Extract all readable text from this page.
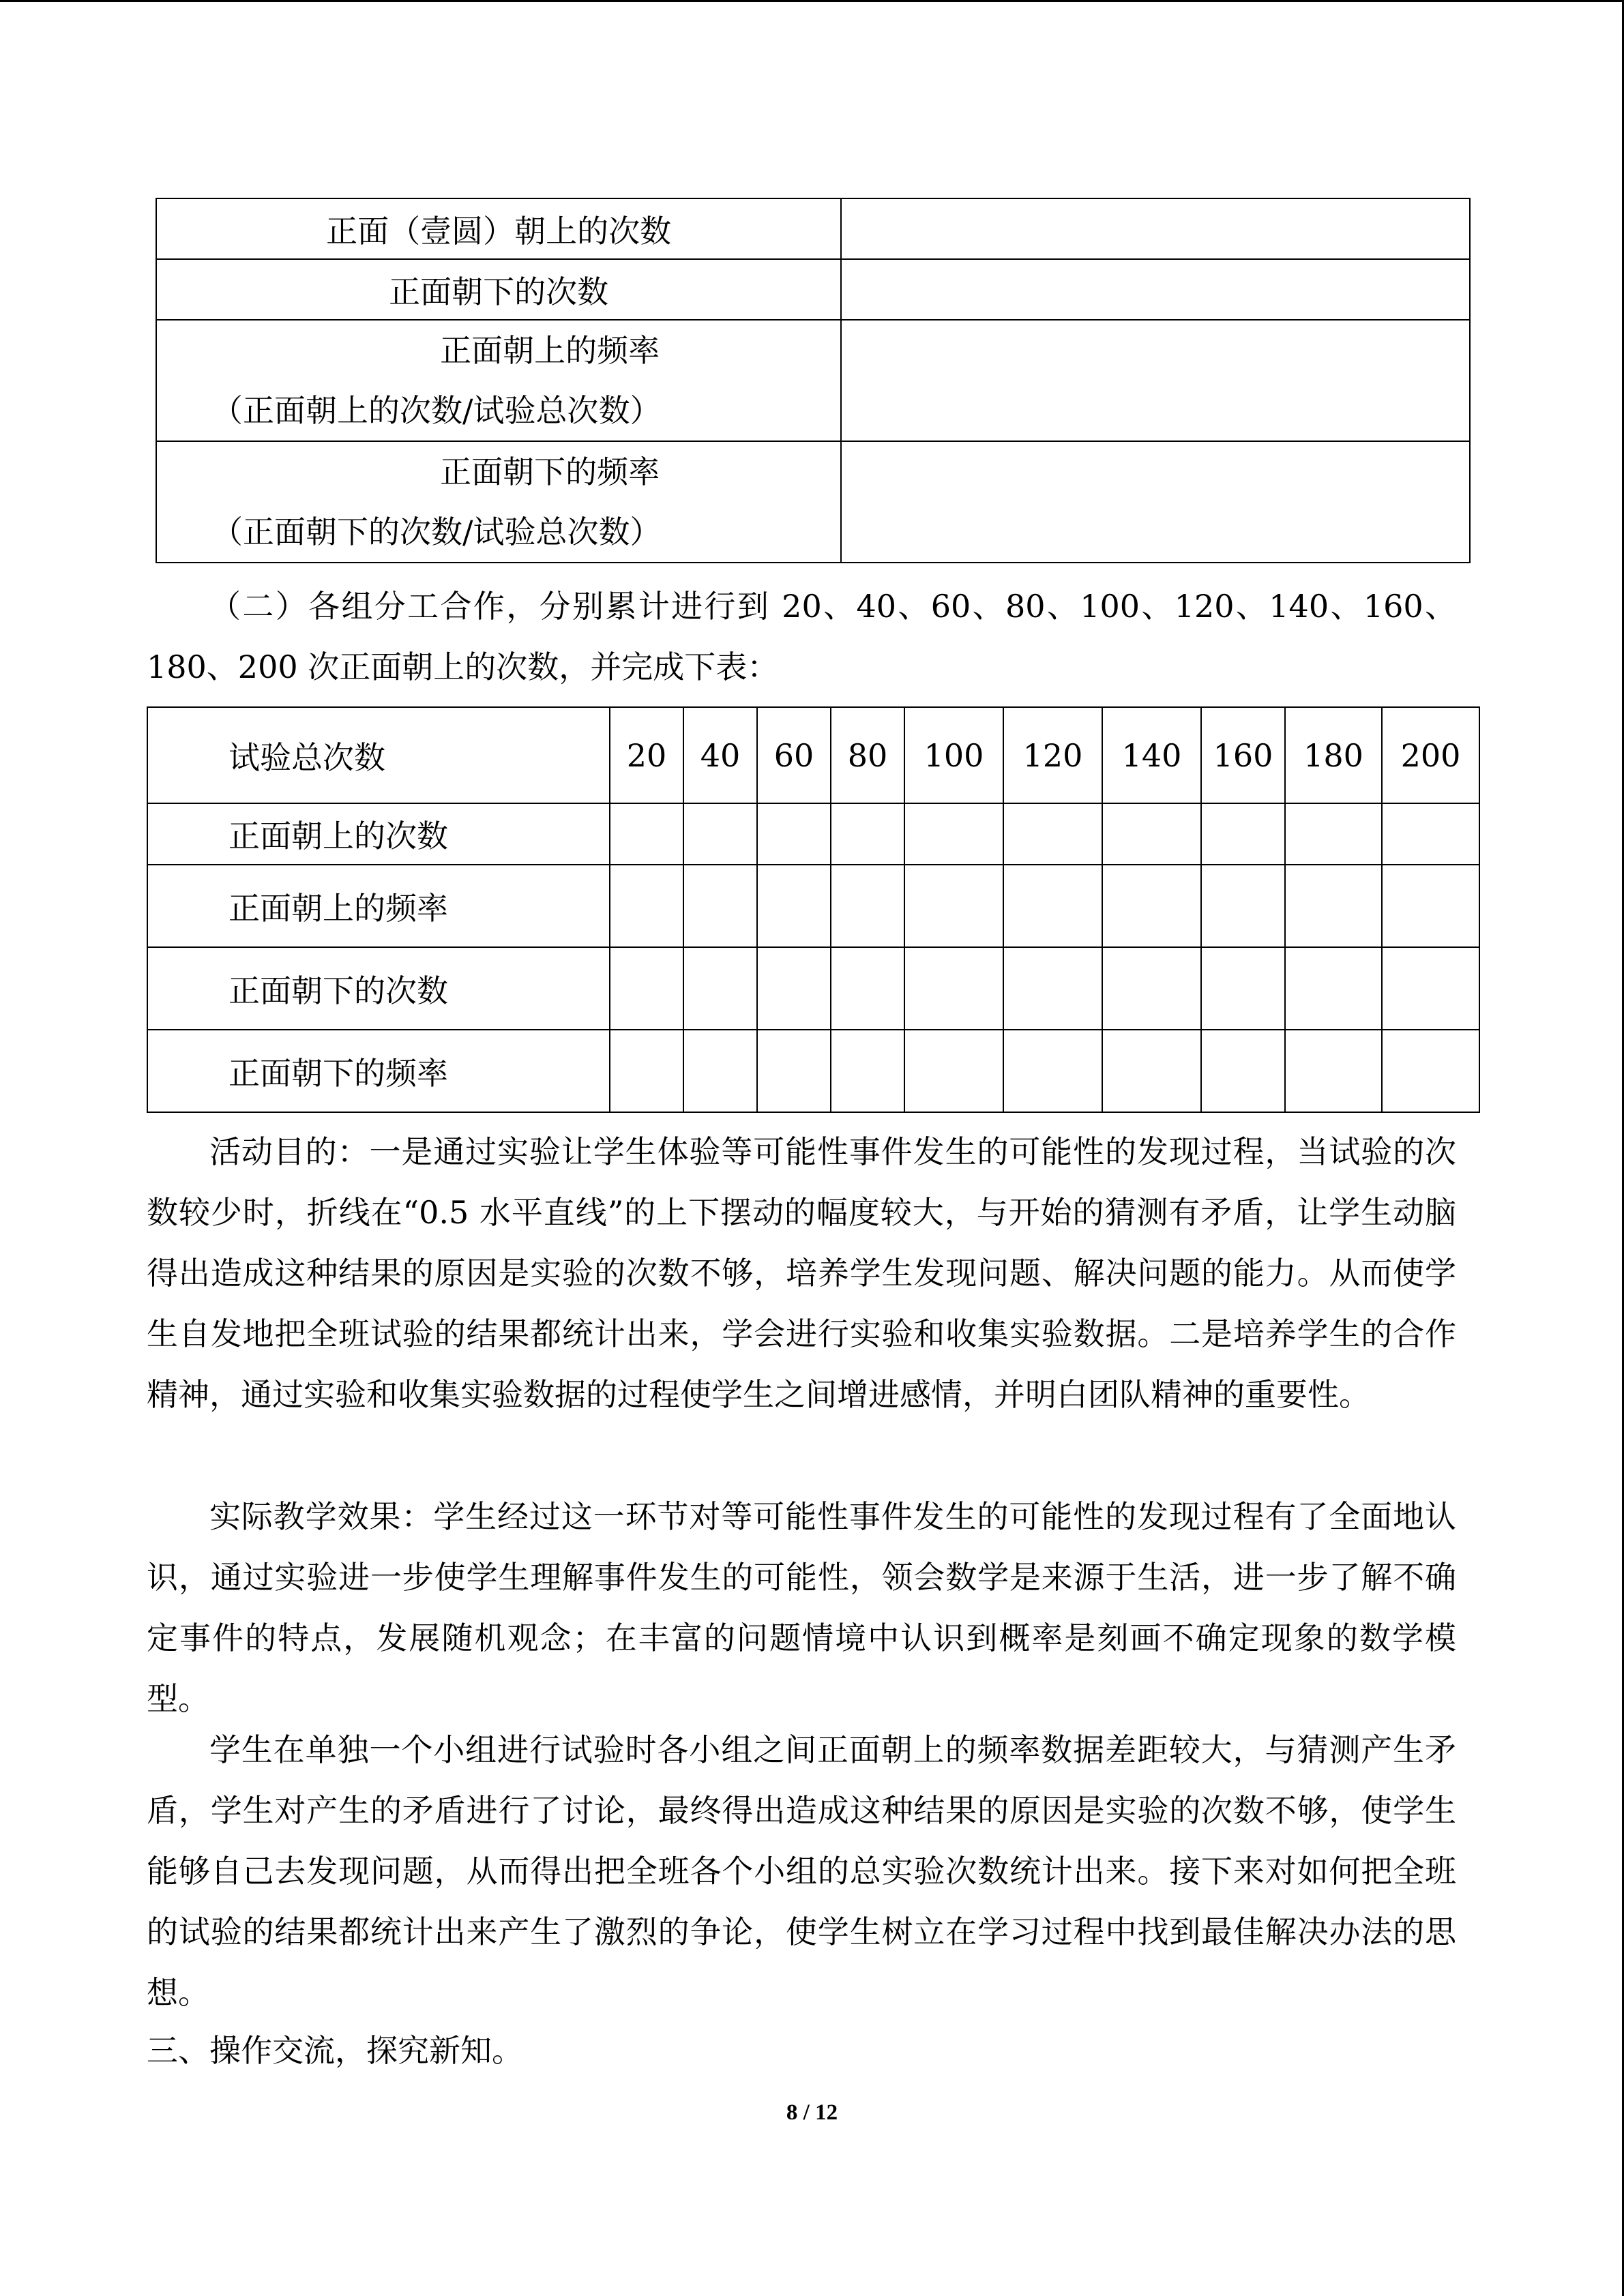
正面（壹圆）朝上的次数	
正面朝下的次数	

正面朝上的频率
（正面朝上的次数/试验总次数）	

正面朝下的频率
（正面朝下的次数/试验总次数）	

（二）各组分工合作，分别累计进行到 20、40、60、80、100、120、140、160、180、200 次正面朝上的次数，并完成下表：

试验总次数	20	40	60	80	100	120	140	160	180	200
正面朝上的次数										
正面朝上的频率										
正面朝下的次数										
正面朝下的频率										

活动目的：一是通过实验让学生体验等可能性事件发生的可能性的发现过程，当试验的次数较少时，折线在“0.5 水平直线”的上下摆动的幅度较大，与开始的猜测有矛盾，让学生动脑得出造成这种结果的原因是实验的次数不够，培养学生发现问题、解决问题的能力。从而使学生自发地把全班试验的结果都统计出来，学会进行实验和收集实验数据。二是培养学生的合作精神，通过实验和收集实验数据的过程使学生之间增进感情，并明白团队精神的重要性。

实际教学效果：学生经过这一环节对等可能性事件发生的可能性的发现过程有了全面地认识，通过实验进一步使学生理解事件发生的可能性，领会数学是来源于生活，进一步了解不确定事件的特点，发展随机观念；在丰富的问题情境中认识到概率是刻画不确定现象的数学模型。

学生在单独一个小组进行试验时各小组之间正面朝上的频率数据差距较大，与猜测产生矛盾，学生对产生的矛盾进行了讨论，最终得出造成这种结果的原因是实验的次数不够，使学生能够自己去发现问题，从而得出把全班各个小组的总实验次数统计出来。接下来对如何把全班的试验的结果都统计出来产生了激烈的争论，使学生树立在学习过程中找到最佳解决办法的思想。

三、操作交流，探究新知。

8 / 12
